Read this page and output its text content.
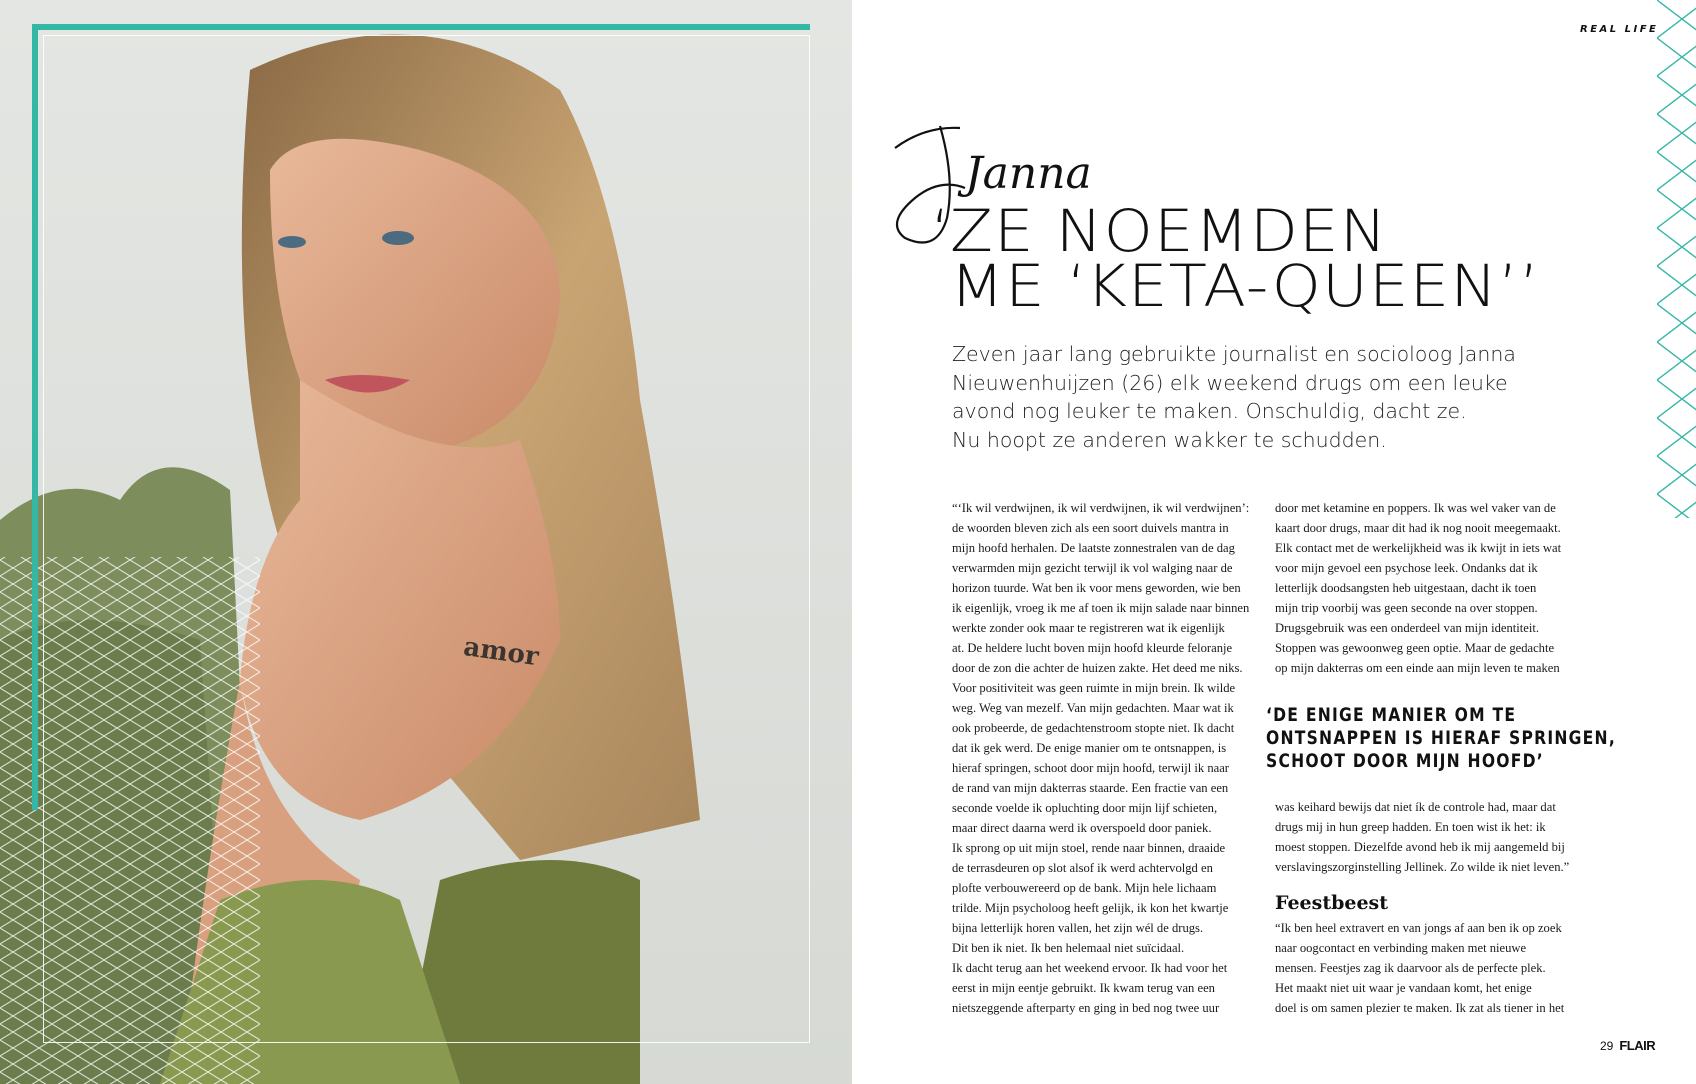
amor
REAL LIFE
Janna
‘
ZE NOEMDEN
ME ‘KETA-QUEEN’’
Zeven jaar lang gebruikte journalist en socioloog Janna
Nieuwenhuijzen (26) elk weekend drugs om een leuke
avond nog leuker te maken. Onschuldig, dacht ze.
Nu hoopt ze anderen wakker te schudden.
“‘Ik wil verdwijnen, ik wil verdwijnen, ik wil verdwijnen’:
de woorden bleven zich als een soort duivels mantra in
mijn hoofd herhalen. De laatste zonnestralen van de dag
verwarmden mijn gezicht terwijl ik vol walging naar de
horizon tuurde. Wat ben ik voor mens geworden, wie ben
ik eigenlijk, vroeg ik me af toen ik mijn salade naar binnen
werkte zonder ook maar te registreren wat ik eigenlijk
at. De heldere lucht boven mijn hoofd kleurde feloranje
door de zon die achter de huizen zakte. Het deed me niks.
Voor positiviteit was geen ruimte in mijn brein. Ik wilde
weg. Weg van mezelf. Van mijn gedachten. Maar wat ik
ook probeerde, de gedachtenstroom stopte niet. Ik dacht
dat ik gek werd. De enige manier om te ontsnappen, is
hieraf springen, schoot door mijn hoofd, terwijl ik naar
de rand van mijn dakterras staarde. Een fractie van een
seconde voelde ik opluchting door mijn lijf schieten,
maar direct daarna werd ik overspoeld door paniek.
Ik sprong op uit mijn stoel, rende naar binnen, draaide
de terrasdeuren op slot alsof ik werd achtervolgd en
plofte verbouwereerd op de bank. Mijn hele lichaam
trilde. Mijn psycholoog heeft gelijk, ik kon het kwartje
bijna letterlijk horen vallen, het zijn wél de drugs.
Dit ben ik niet. Ik ben helemaal niet suïcidaal.
Ik dacht terug aan het weekend ervoor. Ik had voor het
eerst in mijn eentje gebruikt. Ik kwam terug van een
nietszeggende afterparty en ging in bed nog twee uur
door met ketamine en poppers. Ik was wel vaker van de
kaart door drugs, maar dit had ik nog nooit meegemaakt.
Elk contact met de werkelijkheid was ik kwijt in iets wat
voor mijn gevoel een psychose leek. Ondanks dat ik
letterlijk doodsangsten heb uitgestaan, dacht ik toen
mijn trip voorbij was geen seconde na over stoppen.
Drugsgebruik was een onderdeel van mijn identiteit.
Stoppen was gewoonweg geen optie. Maar de gedachte
op mijn dakterras om een einde aan mijn leven te maken
‘DE ENIGE MANIER OM TE
ONTSNAPPEN IS HIERAF SPRINGEN,
SCHOOT DOOR MIJN HOOFD’
was keihard bewijs dat niet ík de controle had, maar dat
drugs mij in hun greep hadden. En toen wist ik het: ik
moest stoppen. Diezelfde avond heb ik mij aangemeld bij
verslavingszorginstelling Jellinek. Zo wilde ik niet leven.”
Feestbeest
“Ik ben heel extravert en van jongs af aan ben ik op zoek
naar oogcontact en verbinding maken met nieuwe
mensen. Feestjes zag ik daarvoor als de perfecte plek.
Het maakt niet uit waar je vandaan komt, het enige
doel is om samen plezier te maken. Ik zat als tiener in het
29 FLAIR
